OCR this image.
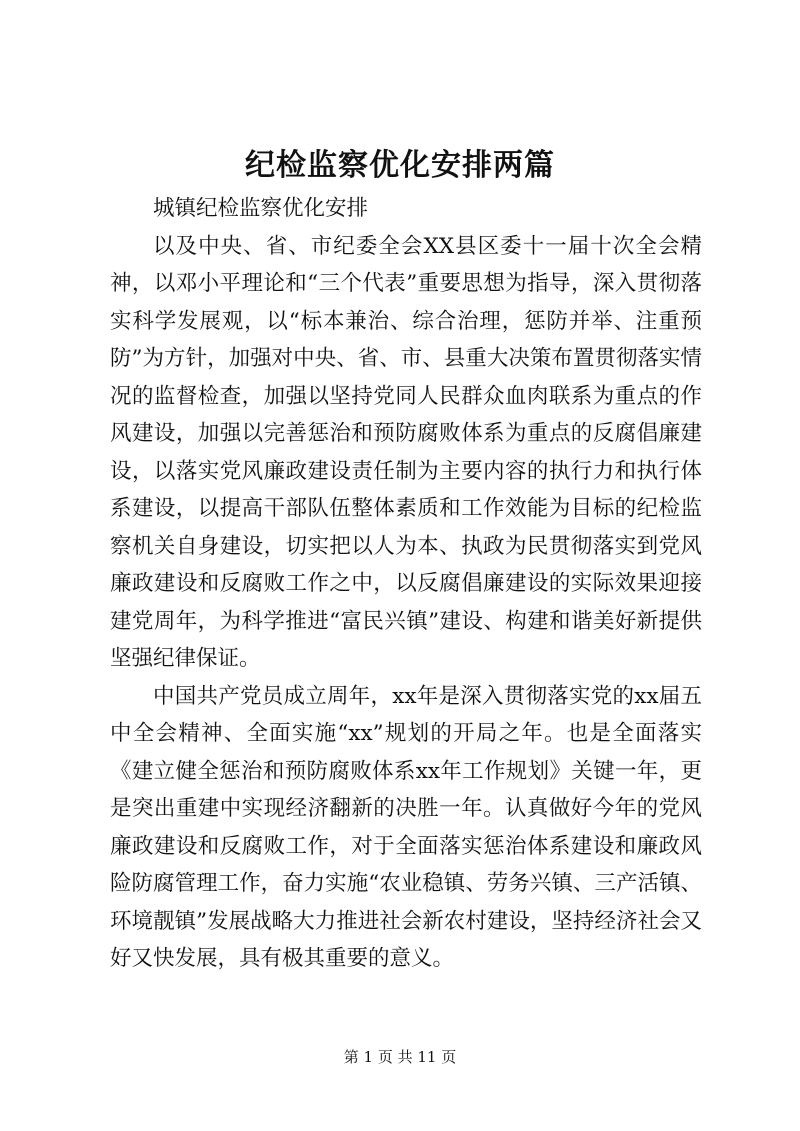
纪检监察优化安排两篇

城镇纪检监察优化安排

以及中央、省、市纪委全会XX县区委十一届十次全会精神，以邓小平理论和“三个代表”重要思想为指导，深入贯彻落实科学发展观，以“标本兼治、综合治理，惩防并举、注重预防”为方针，加强对中央、省、市、县重大决策布置贯彻落实情况的监督检查，加强以坚持党同人民群众血肉联系为重点的作风建设，加强以完善惩治和预防腐败体系为重点的反腐倡廉建设，以落实党风廉政建设责任制为主要内容的执行力和执行体系建设，以提高干部队伍整体素质和工作效能为目标的纪检监察机关自身建设，切实把以人为本、执政为民贯彻落实到党风廉政建设和反腐败工作之中，以反腐倡廉建设的实际效果迎接建党周年，为科学推进“富民兴镇”建设、构建和谐美好新提供坚强纪律保证。

中国共产党员成立周年，xx年是深入贯彻落实党的xx届五中全会精神、全面实施“xx”规划的开局之年。也是全面落实《建立健全惩治和预防腐败体系xx年工作规划》关键一年，更是突出重建中实现经济翻新的决胜一年。认真做好今年的党风廉政建设和反腐败工作，对于全面落实惩治体系建设和廉政风险防腐管理工作，奋力实施“农业稳镇、劳务兴镇、三产活镇、环境靓镇”发展战略大力推进社会新农村建设，坚持经济社会又好又快发展，具有极其重要的意义。

第 1 页 共 11 页
